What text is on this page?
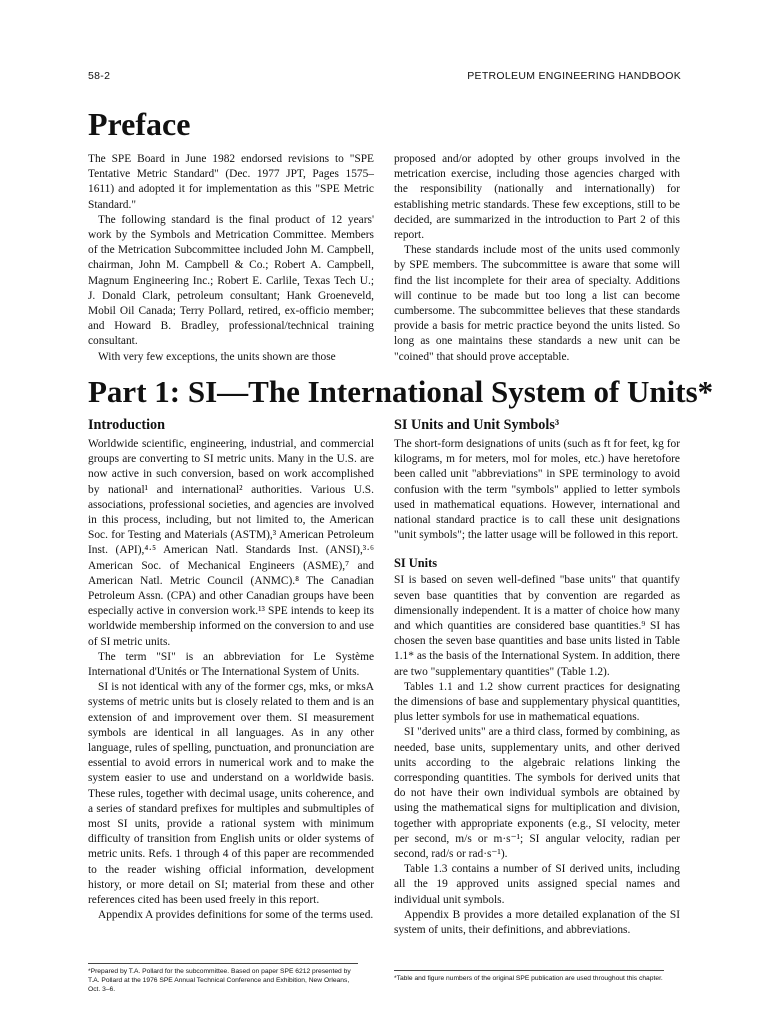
58-2	PETROLEUM ENGINEERING HANDBOOK
Preface

The SPE Board in June 1982 endorsed revisions to "SPE Tentative Metric Standard" (Dec. 1977 JPT, Pages 1575–1611) and adopted it for implementation as this "SPE Metric Standard."

The following standard is the final product of 12 years' work by the Symbols and Metrication Committee. Members of the Metrication Subcommittee included John M. Campbell, chairman, John M. Campbell & Co.; Robert A. Campbell, Magnum Engineering Inc.; Robert E. Carlile, Texas Tech U.; J. Donald Clark, petroleum consultant; Hank Groeneveld, Mobil Oil Canada; Terry Pollard, retired, ex-officio member; and Howard B. Bradley, professional/technical training consultant.

With very few exceptions, the units shown are those

proposed and/or adopted by other groups involved in the metrication exercise, including those agencies charged with the responsibility (nationally and internationally) for establishing metric standards. These few exceptions, still to be decided, are summarized in the introduction to Part 2 of this report.

These standards include most of the units used commonly by SPE members. The subcommittee is aware that some will find the list incomplete for their area of specialty. Additions will continue to be made but too long a list can become cumbersome. The subcommittee believes that these standards provide a basis for metric practice beyond the units listed. So long as one maintains these standards a new unit can be "coined" that should prove acceptable.

Part 1: SI—The International System of Units*
Introduction

Worldwide scientific, engineering, industrial, and commercial groups are converting to SI metric units. Many in the U.S. are now active in such conversion, based on work accomplished by national¹ and international² authorities. Various U.S. associations, professional societies, and agencies are involved in this process, including, but not limited to, the American Soc. for Testing and Materials (ASTM),³ American Petroleum Inst. (API),⁴·⁵ American Natl. Standards Inst. (ANSI),³·⁶ American Soc. of Mechanical Engineers (ASME),⁷ and American Natl. Metric Council (ANMC).⁸ The Canadian Petroleum Assn. (CPA) and other Canadian groups have been especially active in conversion work.¹³ SPE intends to keep its worldwide membership informed on the conversion to and use of SI metric units.

The term "SI" is an abbreviation for Le Système International d'Unités or The International System of Units.

SI is not identical with any of the former cgs, mks, or mksA systems of metric units but is closely related to them and is an extension of and improvement over them. SI measurement symbols are identical in all languages. As in any other language, rules of spelling, punctuation, and pronunciation are essential to avoid errors in numerical work and to make the system easier to use and understand on a worldwide basis. These rules, together with decimal usage, units coherence, and a series of standard prefixes for multiples and submultiples of most SI units, provide a rational system with minimum difficulty of transition from English units or older systems of metric units. Refs. 1 through 4 of this paper are recommended to the reader wishing official information, development history, or more detail on SI; material from these and other references cited has been used freely in this report.

Appendix A provides definitions for some of the terms used.

SI Units and Unit Symbols³

The short-form designations of units (such as ft for feet, kg for kilograms, m for meters, mol for moles, etc.) have heretofore been called unit "abbreviations" in SPE terminology to avoid confusion with the term "symbols" applied to letter symbols used in mathematical equations. However, international and national standard practice is to call these unit designations "unit symbols"; the latter usage will be followed in this report.

SI Units

SI is based on seven well-defined "base units" that quantify seven base quantities that by convention are regarded as dimensionally independent. It is a matter of choice how many and which quantities are considered base quantities.⁹ SI has chosen the seven base quantities and base units listed in Table 1.1* as the basis of the International System. In addition, there are two "supplementary quantities" (Table 1.2).

Tables 1.1 and 1.2 show current practices for designating the dimensions of base and supplementary physical quantities, plus letter symbols for use in mathematical equations.

SI "derived units" are a third class, formed by combining, as needed, base units, supplementary units, and other derived units according to the algebraic relations linking the corresponding quantities. The symbols for derived units that do not have their own individual symbols are obtained by using the mathematical signs for multiplication and division, together with appropriate exponents (e.g., SI velocity, meter per second, m/s or m·s⁻¹; SI angular velocity, radian per second, rad/s or rad·s⁻¹).

Table 1.3 contains a number of SI derived units, including all the 19 approved units assigned special names and individual unit symbols.

Appendix B provides a more detailed explanation of the SI system of units, their definitions, and abbreviations.

*Prepared by T.A. Pollard for the subcommittee. Based on paper SPE 6212 presented by T.A. Pollard at the 1976 SPE Annual Technical Conference and Exhibition, New Orleans, Oct. 3–6.
*Table and figure numbers of the original SPE publication are used throughout this chapter.
